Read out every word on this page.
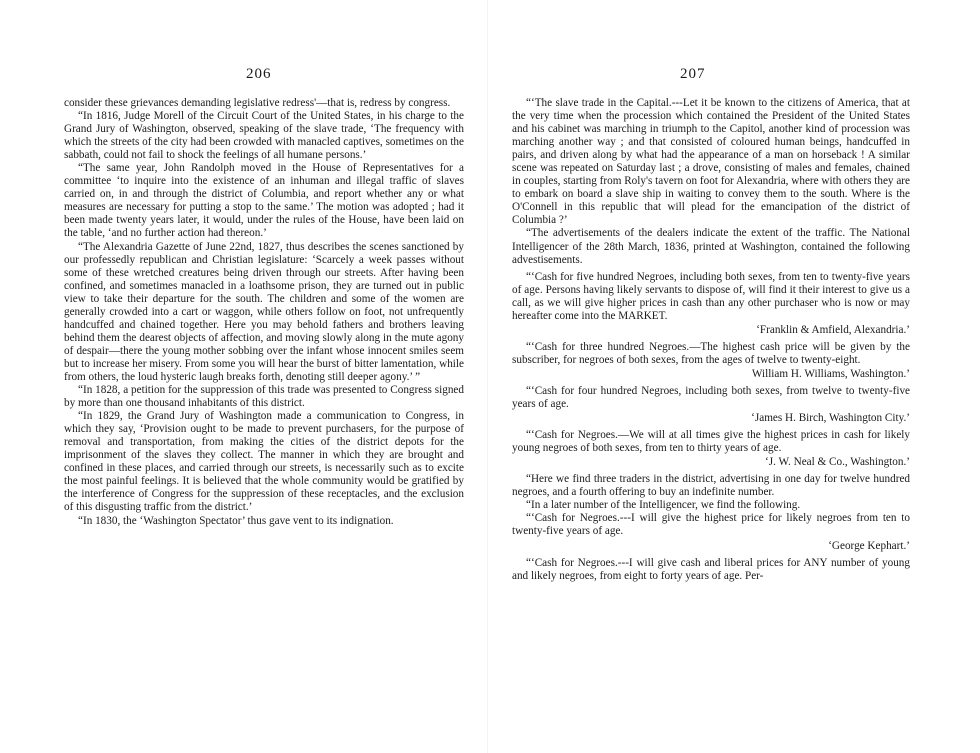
206

consider these grievances demanding legislative redress'—that is, redress by congress.

“In 1816, Judge Morell of the Circuit Court of the United States, in his charge to the Grand Jury of Washington, observed, speaking of the slave trade, ‘The frequency with which the streets of the city had been crowded with manacled captives, sometimes on the sabbath, could not fail to shock the feelings of all humane persons.’

“The same year, John Randolph moved in the House of Representatives for a committee ‘to inquire into the existence of an inhuman and illegal traffic of slaves carried on, in and through the district of Columbia, and report whether any or what measures are necessary for putting a stop to the same.’ The motion was adopted ; had it been made twenty years later, it would, under the rules of the House, have been laid on the table, ‘and no further action had thereon.’

“The Alexandria Gazette of June 22nd, 1827, thus describes the scenes sanctioned by our professedly republican and Christian legislature: ‘Scarcely a week passes without some of these wretched creatures being driven through our streets. After having been confined, and sometimes manacled in a loathsome prison, they are turned out in public view to take their departure for the south. The children and some of the women are generally crowded into a cart or waggon, while others follow on foot, not unfrequently handcuffed and chained together. Here you may behold fathers and brothers leaving behind them the dearest objects of affection, and moving slowly along in the mute agony of despair—there the young mother sobbing over the infant whose innocent smiles seem but to increase her misery. From some you will hear the burst of bitter lamentation, while from others, the loud hysteric laugh breaks forth, denoting still deeper agony.’ ”

“In 1828, a petition for the suppression of this trade was presented to Congress signed by more than one thousand inhabitants of this district.

“In 1829, the Grand Jury of Washington made a communication to Congress, in which they say, ‘Provision ought to be made to prevent purchasers, for the purpose of removal and transportation, from making the cities of the district depots for the imprisonment of the slaves they collect. The manner in which they are brought and confined in these places, and carried through our streets, is necessarily such as to excite the most painful feelings. It is believed that the whole community would be gratified by the interference of Congress for the suppression of these receptacles, and the exclusion of this disgusting traffic from the district.’

“In 1830, the ‘Washington Spectator’ thus gave vent to its indignation.

207

“‘The slave trade in the Capital.---Let it be known to the citizens of America, that at the very time when the procession which contained the President of the United States and his cabinet was marching in triumph to the Capitol, another kind of procession was marching another way ; and that consisted of coloured human beings, handcuffed in pairs, and driven along by what had the appearance of a man on horseback ! A similar scene was repeated on Saturday last ; a drove, consisting of males and females, chained in couples, starting from Roly's tavern on foot for Alexandria, where with others they are to embark on board a slave ship in waiting to convey them to the south. Where is the O'Connell in this republic that will plead for the emancipation of the district of Columbia ?’

“The advertisements of the dealers indicate the extent of the traffic. The National Intelligencer of the 28th March, 1836, printed at Washington, contained the following advestisements.

“‘Cash for five hundred Negroes, including both sexes, from ten to twenty-five years of age. Persons having likely servants to dispose of, will find it their interest to give us a call, as we will give higher prices in cash than any other purchaser who is now or may hereafter come into the MARKET.

‘Franklin & Amfield, Alexandria.’

“‘Cash for three hundred Negroes.—The highest cash price will be given by the subscriber, for negroes of both sexes, from the ages of twelve to twenty-eight.

William H. Williams, Washington.’

“‘Cash for four hundred Negroes, including both sexes, from twelve to twenty-five years of age.

‘James H. Birch, Washington City.’

“‘Cash for Negroes.—We will at all times give the highest prices in cash for likely young negroes of both sexes, from ten to thirty years of age.

‘J. W. Neal & Co., Washington.’

“Here we find three traders in the district, advertising in one day for twelve hundred negroes, and a fourth offering to buy an indefinite number.

“In a later number of the Intelligencer, we find the following.

“‘Cash for Negroes.---I will give the highest price for likely negroes from ten to twenty-five years of age.

‘George Kephart.’

“‘Cash for Negroes.---I will give cash and liberal prices for ANY number of young and likely negroes, from eight to forty years of age. Per-
